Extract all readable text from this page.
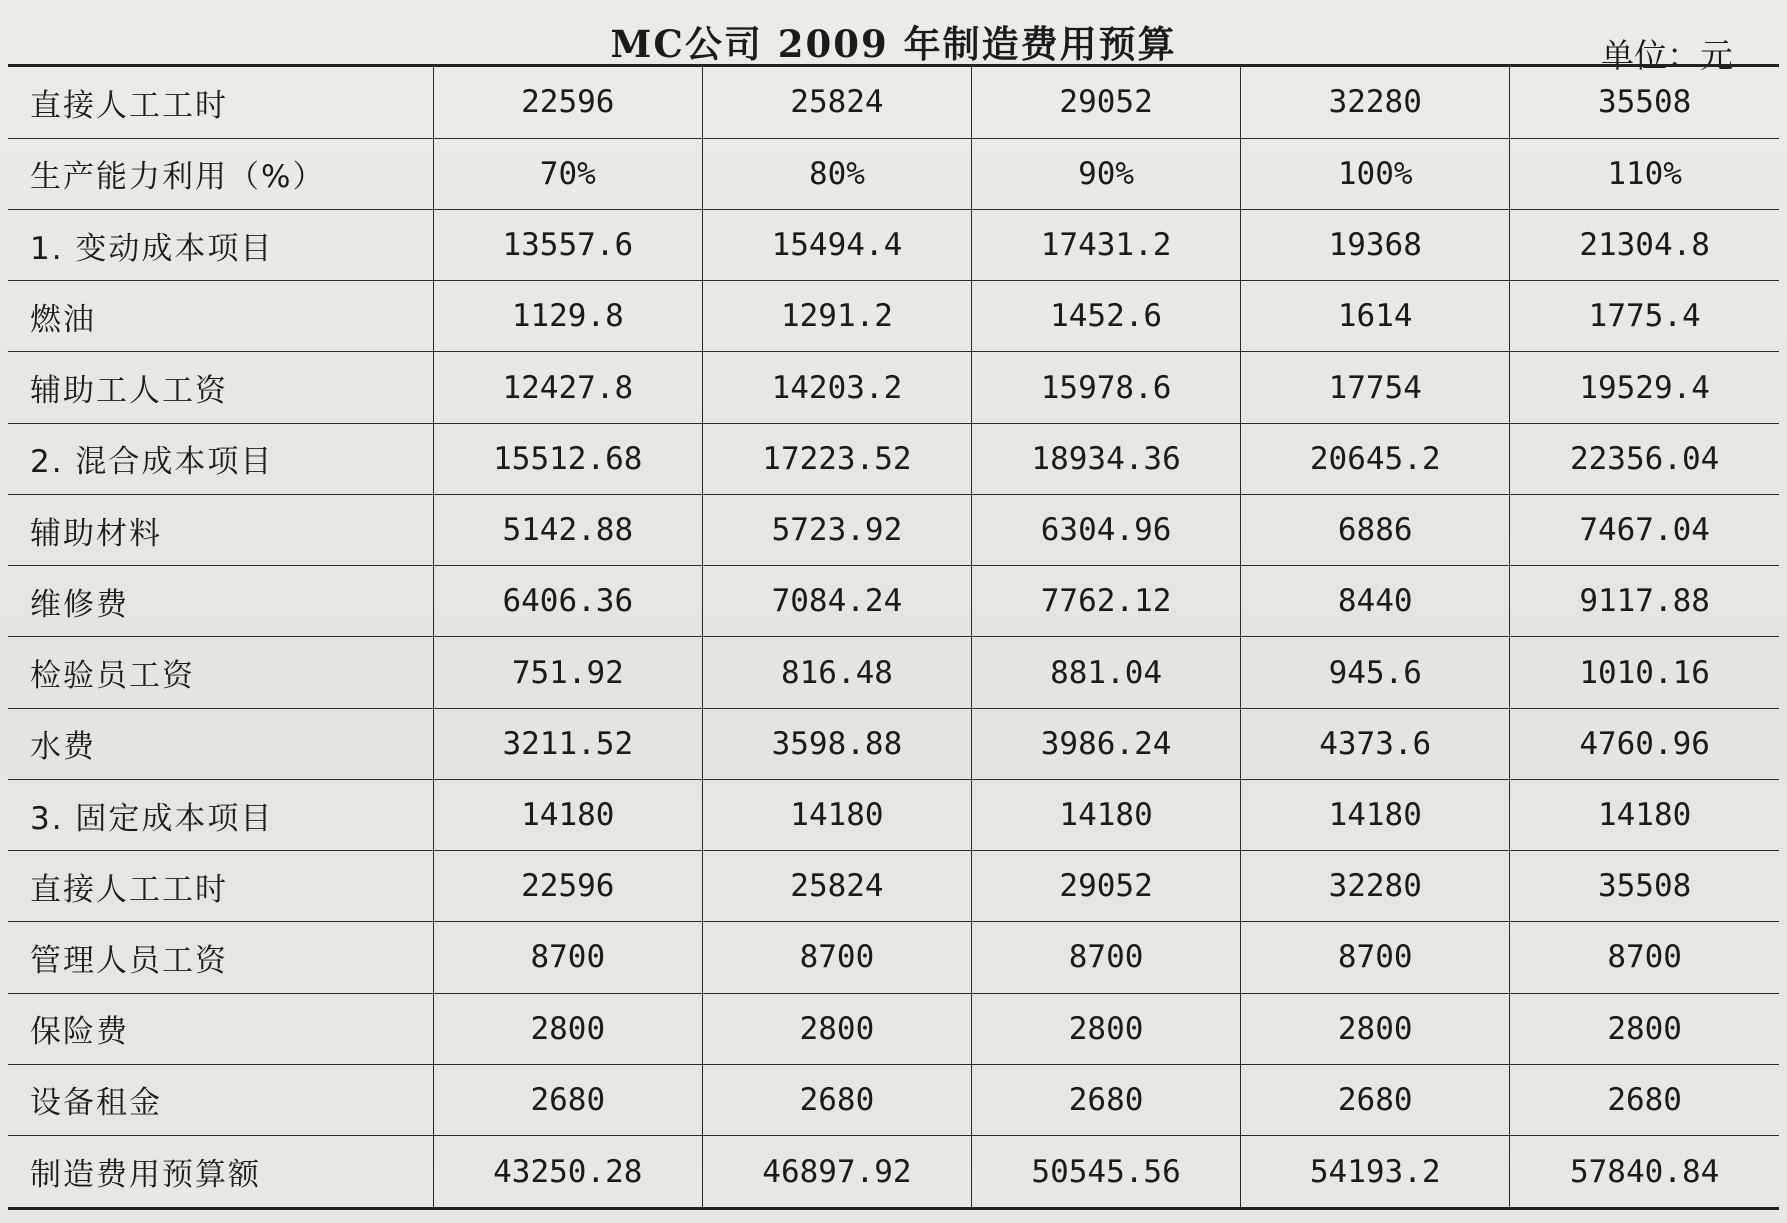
MC公司 2009 年制造费用预算	单位：元
直接人工工时	22596	25824	29052	32280	35508
生产能力利用（%）	70%	80%	90%	100%	110%
1. 变动成本项目	13557.6	15494.4	17431.2	19368	21304.8
燃油	1129.8	1291.2	1452.6	1614	1775.4
辅助工人工资	12427.8	14203.2	15978.6	17754	19529.4
2. 混合成本项目	15512.68	17223.52	18934.36	20645.2	22356.04
辅助材料	5142.88	5723.92	6304.96	6886	7467.04
维修费	6406.36	7084.24	7762.12	8440	9117.88
检验员工资	751.92	816.48	881.04	945.6	1010.16
水费	3211.52	3598.88	3986.24	4373.6	4760.96
3. 固定成本项目	14180	14180	14180	14180	14180
直接人工工时	22596	25824	29052	32280	35508
管理人员工资	8700	8700	8700	8700	8700
保险费	2800	2800	2800	2800	2800
设备租金	2680	2680	2680	2680	2680
制造费用预算额	43250.28	46897.92	50545.56	54193.2	57840.84
